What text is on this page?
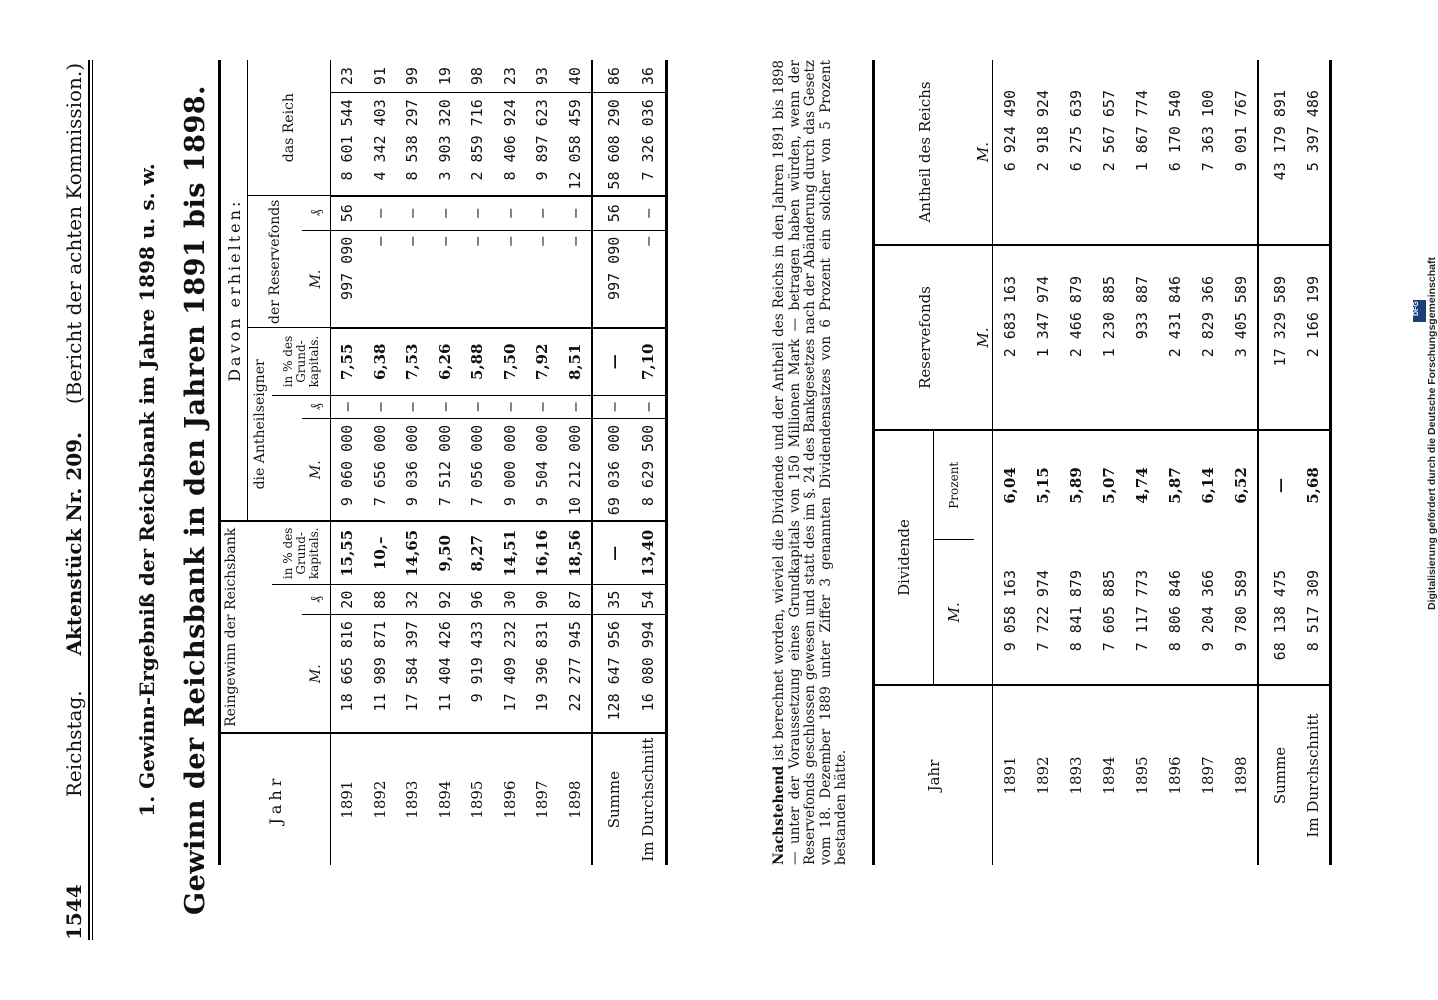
1544
Reichstag.     Aktenstück Nr. 209.    (Bericht der achten Kommission.) 1. Gewinn-Ergebniß der Reichsbank im Jahre 1898 u. s. w. Gewinn der Reichsbank in den Jahren 1891 bis 1898.	Jahr	Reingewinn der Reichsbank			Davon erhielten:						
				die Antheilseigner			der Reservefonds		das Reich	
			in % des Grund-kapitals.			in % des Grund-kapitals.				
	M.	₰		M.	₰		M.	₰		
1891	18 665 816	20	15,55	9 060 000	—	7,55	997 090	56	8 601 544	23
1892	11 989 871	88	10,–	7 656 000	—	6,38	—	—	4 342 403	91
1893	17 584 397	32	14,65	9 036 000	—	7,53	—	—	8 538 297	99
1894	11 404 426	92	9,50	7 512 000	—	6,26	—	—	3 903 320	19
1895	9 919 433	96	8,27	7 056 000	—	5,88	—	—	2 859 716	98
1896	17 409 232	30	14,51	9 000 000	—	7,50	—	—	8 406 924	23
1897	19 396 831	90	16,16	9 504 000	—	7,92	—	—	9 897 623	93
1898	22 277 945	87	18,56	10 212 000	—	8,51	—	—	12 058 459	40
Summe	128 647 956	35	—	69 036 000	—	—	997 090	56	58 608 290	86
Im Durchschnitt	16 080 994	54	13,40	8 629 500	—	7,10	—	—	7 326 036	36
Nachstehend ist berechnet worden, wieviel die Dividende und der Antheil des Reichs in den Jahren 1891 bis 1898 — unter der Voraussetzung eines Grundkapitals von 150 Millionen Mark — betragen haben würden, wenn der Reservefonds geschlossen gewesen und statt des im §. 24 des Bankgesetzes nach der Abänderung durch das Gesetz vom 18. Dezember 1889 unter Ziffer 3 genannten Dividendensatzes von 6 Prozent ein solcher von 5 Prozent bestanden hätte.	Jahr	Dividende		Reservefonds	Antheil des Reichs
	M.	Prozent		
			M.	M.
1891	9 058 163	6,04	2 683 163	6 924 490
1892	7 722 974	5,15	1 347 974	2 918 924
1893	8 841 879	5,89	2 466 879	6 275 639
1894	7 605 885	5,07	1 230 885	2 567 657
1895	7 117 773	4,74	933 887	1 867 774
1896	8 806 846	5,87	2 431 846	6 170 540
1897	9 204 366	6,14	2 829 366	7 363 100
1898	9 780 589	6,52	3 405 589	9 091 767
Summe	68 138 475	—	17 329 589	43 179 891
Im Durchschnitt	8 517 309	5,68	2 166 199	5 397 486
DFG Digitalisierung gefördert durch die Deutsche Forschungsgemeinschaft
